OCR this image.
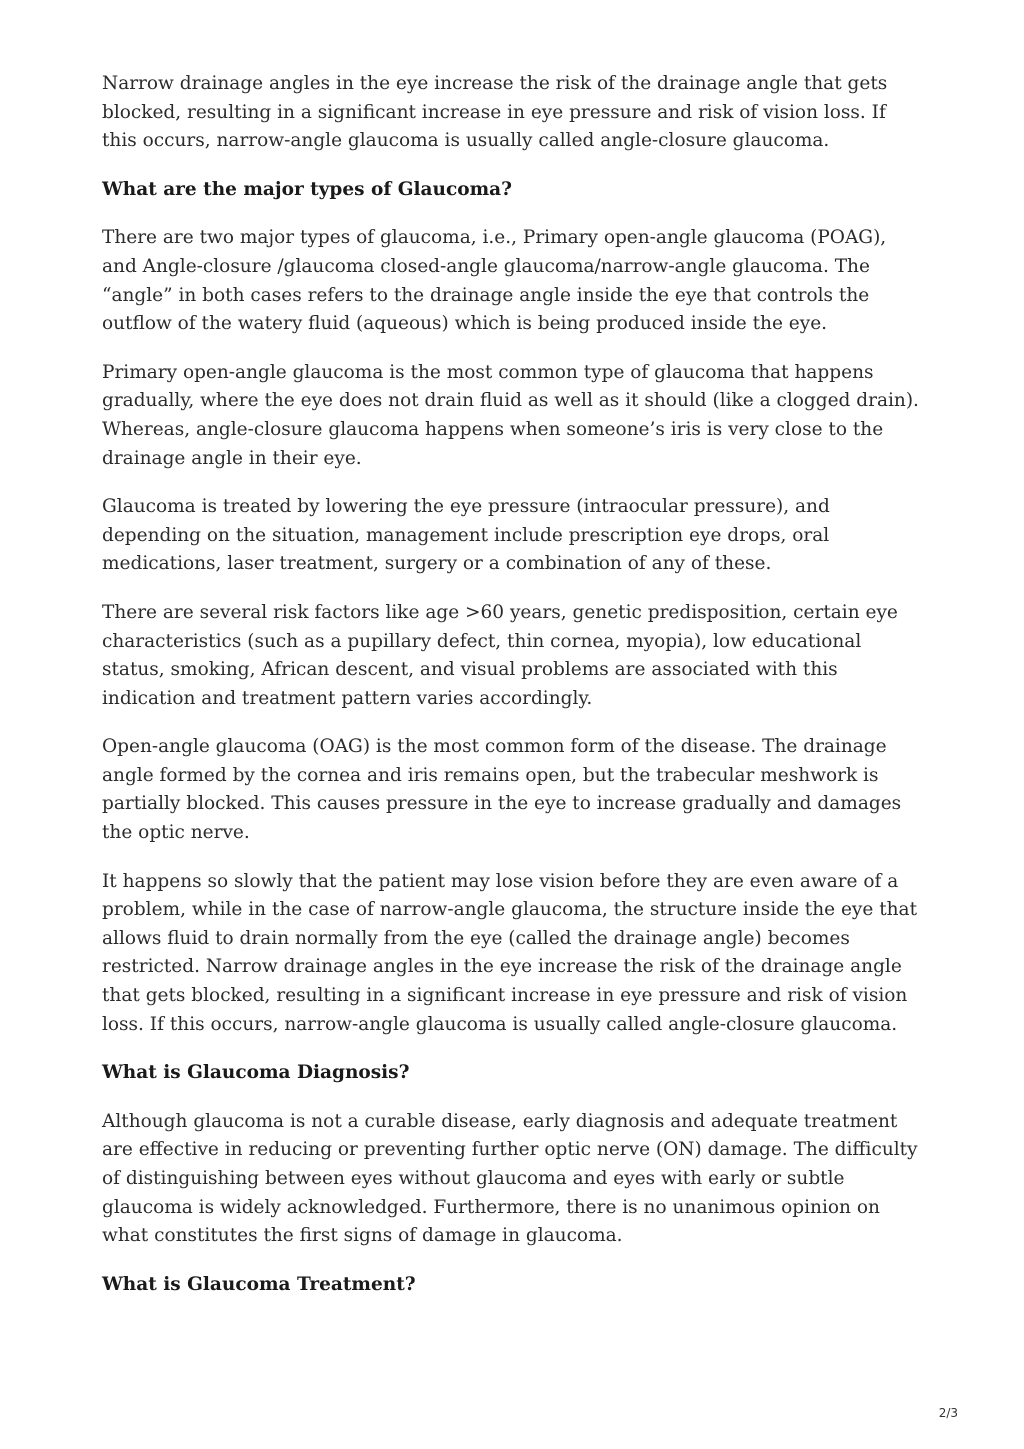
Narrow drainage angles in the eye increase the risk of the drainage angle that gets blocked, resulting in a significant increase in eye pressure and risk of vision loss. If this occurs, narrow-angle glaucoma is usually called angle-closure glaucoma.

What are the major types of Glaucoma?

There are two major types of glaucoma, i.e., Primary open-angle glaucoma (POAG), and Angle-closure /glaucoma closed-angle glaucoma/narrow-angle glaucoma. The “angle” in both cases refers to the drainage angle inside the eye that controls the outflow of the watery fluid (aqueous) which is being produced inside the eye.

Primary open-angle glaucoma is the most common type of glaucoma that happens gradually, where the eye does not drain fluid as well as it should (like a clogged drain). Whereas, angle-closure glaucoma happens when someone’s iris is very close to the drainage angle in their eye.

Glaucoma is treated by lowering the eye pressure (intraocular pressure), and depending on the situation, management include prescription eye drops, oral medications, laser treatment, surgery or a combination of any of these.

There are several risk factors like age >60 years, genetic predisposition, certain eye characteristics (such as a pupillary defect, thin cornea, myopia), low educational status, smoking, African descent, and visual problems are associated with this indication and treatment pattern varies accordingly.

Open-angle glaucoma (OAG) is the most common form of the disease. The drainage angle formed by the cornea and iris remains open, but the trabecular meshwork is partially blocked. This causes pressure in the eye to increase gradually and damages the optic nerve.

It happens so slowly that the patient may lose vision before they are even aware of a problem, while in the case of narrow-angle glaucoma, the structure inside the eye that allows fluid to drain normally from the eye (called the drainage angle) becomes restricted. Narrow drainage angles in the eye increase the risk of the drainage angle that gets blocked, resulting in a significant increase in eye pressure and risk of vision loss. If this occurs, narrow-angle glaucoma is usually called angle-closure glaucoma.

What is Glaucoma Diagnosis?

Although glaucoma is not a curable disease, early diagnosis and adequate treatment are effective in reducing or preventing further optic nerve (ON) damage. The difficulty of distinguishing between eyes without glaucoma and eyes with early or subtle glaucoma is widely acknowledged. Furthermore, there is no unanimous opinion on what constitutes the first signs of damage in glaucoma.

What is Glaucoma Treatment?
2/3
